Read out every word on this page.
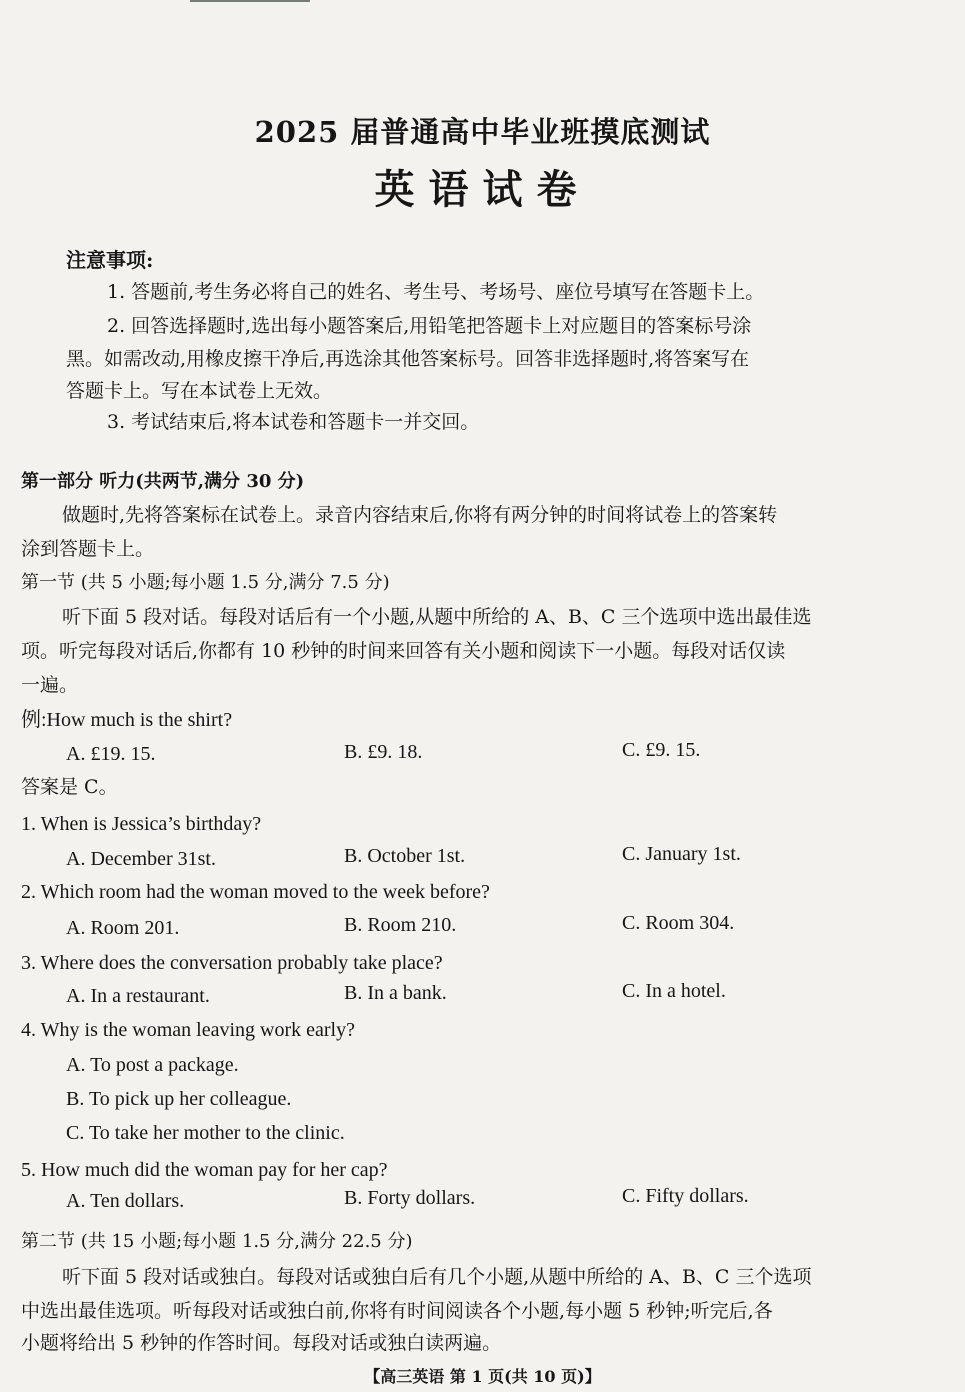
2025 届普通高中毕业班摸底测试
英语试卷
注意事项:
1. 答题前,考生务必将自己的姓名、考生号、考场号、座位号填写在答题卡上。
2. 回答选择题时,选出每小题答案后,用铅笔把答题卡上对应题目的答案标号涂
黑。如需改动,用橡皮擦干净后,再选涂其他答案标号。回答非选择题时,将答案写在
答题卡上。写在本试卷上无效。
3. 考试结束后,将本试卷和答题卡一并交回。
第一部分 听力(共两节,满分 30 分)
做题时,先将答案标在试卷上。录音内容结束后,你将有两分钟的时间将试卷上的答案转
涂到答题卡上。
第一节 (共 5 小题;每小题 1.5 分,满分 7.5 分)
听下面 5 段对话。每段对话后有一个小题,从题中所给的 A、B、C 三个选项中选出最佳选
项。听完每段对话后,你都有 10 秒钟的时间来回答有关小题和阅读下一小题。每段对话仅读
一遍。
例:How much is the shirt?
A. £19. 15.	B. £9. 18.	C. £9. 15.
答案是 C。
1. When is Jessica’s birthday?
A. December 31st.	B. October 1st.	C. January 1st.
2. Which room had the woman moved to the week before?
A. Room 201.	B. Room 210.	C. Room 304.
3. Where does the conversation probably take place?
A. In a restaurant.	B. In a bank.	C. In a hotel.
4. Why is the woman leaving work early?
A. To post a package.
B. To pick up her colleague.
C. To take her mother to the clinic.
5. How much did the woman pay for her cap?
A. Ten dollars.	B. Forty dollars.	C. Fifty dollars.
第二节 (共 15 小题;每小题 1.5 分,满分 22.5 分)
听下面 5 段对话或独白。每段对话或独白后有几个小题,从题中所给的 A、B、C 三个选项
中选出最佳选项。听每段对话或独白前,你将有时间阅读各个小题,每小题 5 秒钟;听完后,各
小题将给出 5 秒钟的作答时间。每段对话或独白读两遍。
【高三英语 第 1 页(共 10 页)】
